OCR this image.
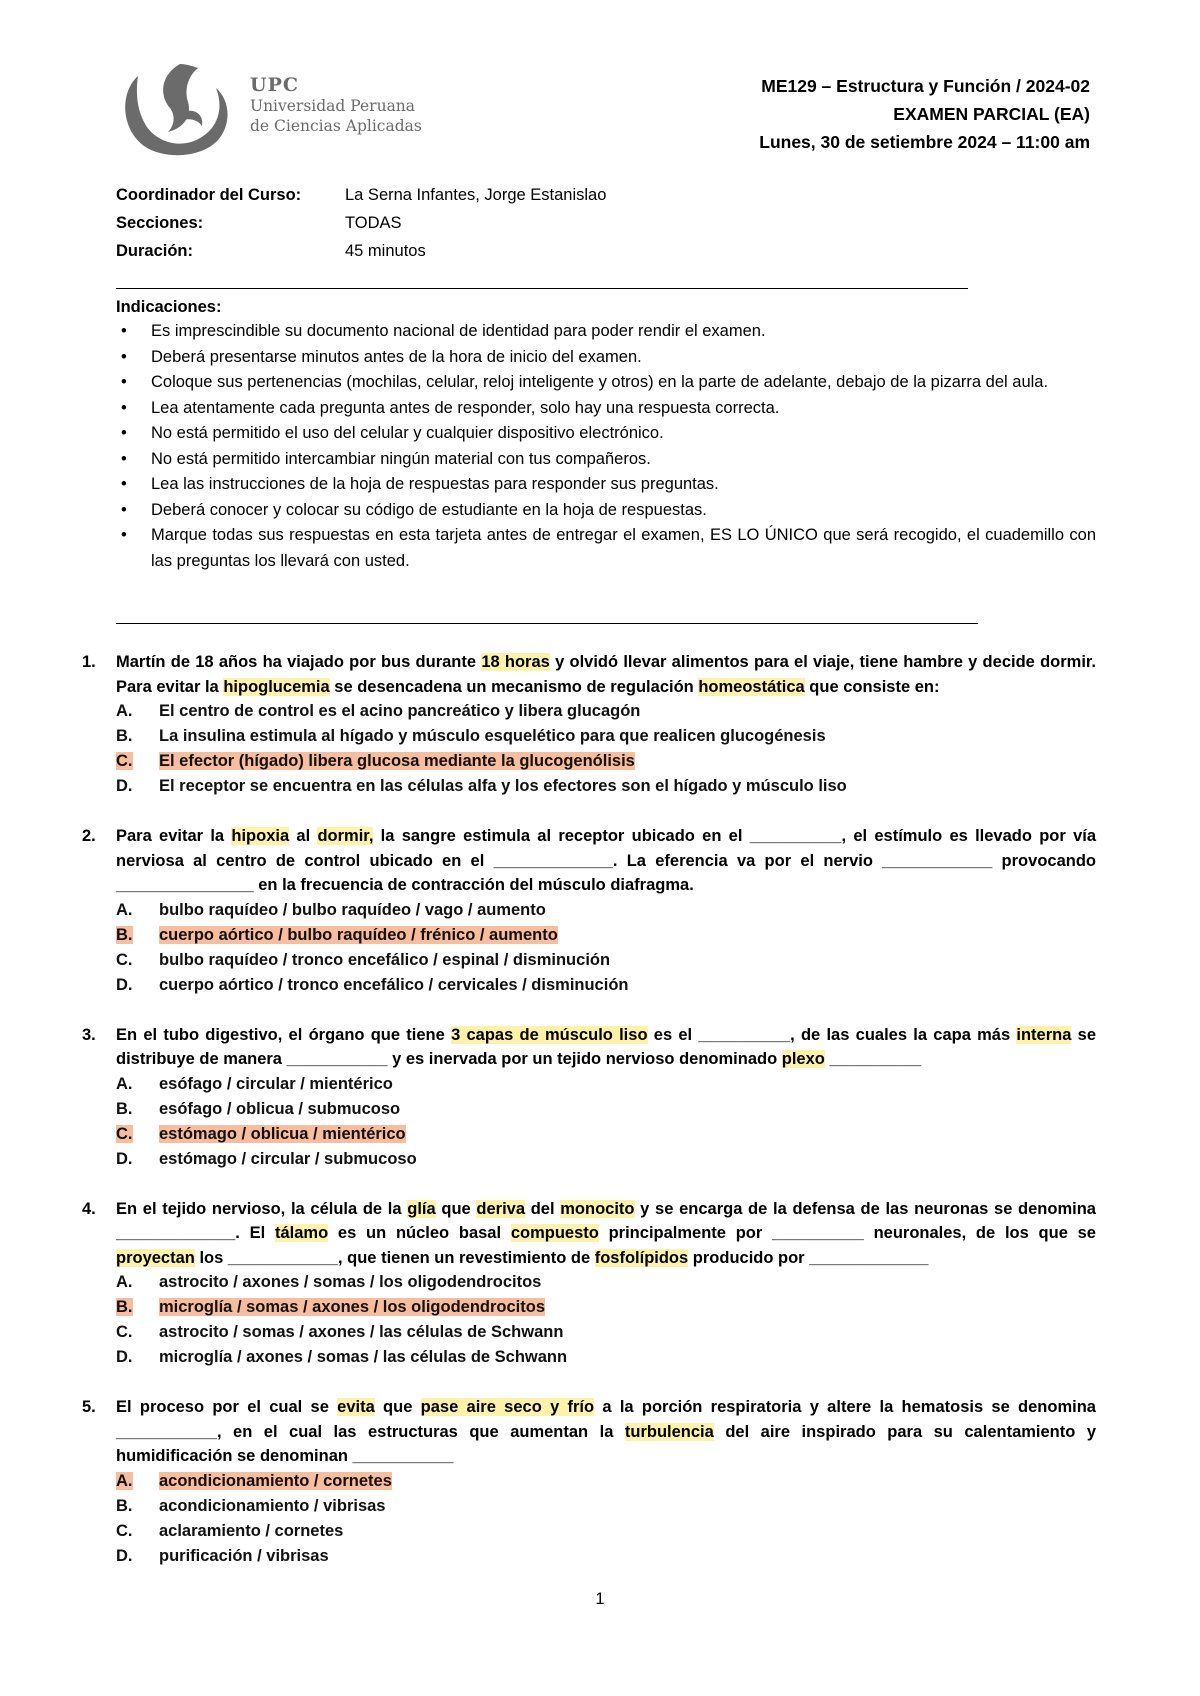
UPC
Universidad Peruana
de Ciencias Aplicadas
ME129 – Estructura y Función / 2024-02
EXAMEN PARCIAL (EA)
Lunes, 30 de setiembre 2024 – 11:00 am
Coordinador del Curso:	La Serna Infantes, Jorge Estanislao
Secciones:	TODAS
Duración:	45 minutos
Indicaciones:
• Es imprescindible su documento nacional de identidad para poder rendir el examen.
• Deberá presentarse minutos antes de la hora de inicio del examen.
• Coloque sus pertenencias (mochilas, celular, reloj inteligente y otros) en la parte de adelante, debajo de la pizarra del aula.
• Lea atentamente cada pregunta antes de responder, solo hay una respuesta correcta.
• No está permitido el uso del celular y cualquier dispositivo electrónico.
• No está permitido intercambiar ningún material con tus compañeros.
• Lea las instrucciones de la hoja de respuestas para responder sus preguntas.
• Deberá conocer y colocar su código de estudiante en la hoja de respuestas.
• Marque todas sus respuestas en esta tarjeta antes de entregar el examen, ES LO ÚNICO que será recogido, el cuademillo con las preguntas los llevará con usted.
1.	Martín de 18 años ha viajado por bus durante 18 horas y olvidó llevar alimentos para el viaje, tiene hambre y decide dormir. Para evitar la hipoglucemia se desencadena un mecanismo de regulación homeostática que consiste en:
A.	El centro de control es el acino pancreático y libera glucagón
B.	La insulina estimula al hígado y músculo esquelético para que realicen glucogénesis
C.	El efector (hígado) libera glucosa mediante la glucogenólisis
D.	El receptor se encuentra en las células alfa y los efectores son el hígado y músculo liso
2.	Para evitar la hipoxia al dormir, la sangre estimula al receptor ubicado en el __________, el estímulo es llevado por vía nerviosa al centro de control ubicado en el _____________. La eferencia va por el nervio ____________ provocando _______________ en la frecuencia de contracción del músculo diafragma.
A.	bulbo raquídeo / bulbo raquídeo / vago / aumento
B.	cuerpo aórtico / bulbo raquídeo / frénico / aumento
C.	bulbo raquídeo / tronco encefálico / espinal / disminución
D.	cuerpo aórtico / tronco encefálico / cervicales / disminución
3.	En el tubo digestivo, el órgano que tiene 3 capas de músculo liso es el __________, de las cuales la capa más interna se distribuye de manera ___________ y es inervada por un tejido nervioso denominado plexo __________
A.	esófago / circular / mientérico
B.	esófago / oblicua / submucoso
C.	estómago / oblicua / mientérico
D.	estómago / circular / submucoso
4.	En el tejido nervioso, la célula de la glía que deriva del monocito y se encarga de la defensa de las neuronas se denomina _____________. El tálamo es un núcleo basal compuesto principalmente por __________ neuronales, de los que se proyectan los ____________, que tienen un revestimiento de fosfolípidos producido por _____________
A.	astrocito / axones / somas / los oligodendrocitos
B.	microglía / somas / axones / los oligodendrocitos
C.	astrocito / somas / axones / las células de Schwann
D.	microglía / axones / somas / las células de Schwann
5.	El proceso por el cual se evita que pase aire seco y frío a la porción respiratoria y altere la hematosis se denomina ___________, en el cual las estructuras que aumentan la turbulencia del aire inspirado para su calentamiento y humidificación se denominan ___________
A.	acondicionamiento / cornetes
B.	acondicionamiento / vibrisas
C.	aclaramiento / cornetes
D.	purificación / vibrisas
1
